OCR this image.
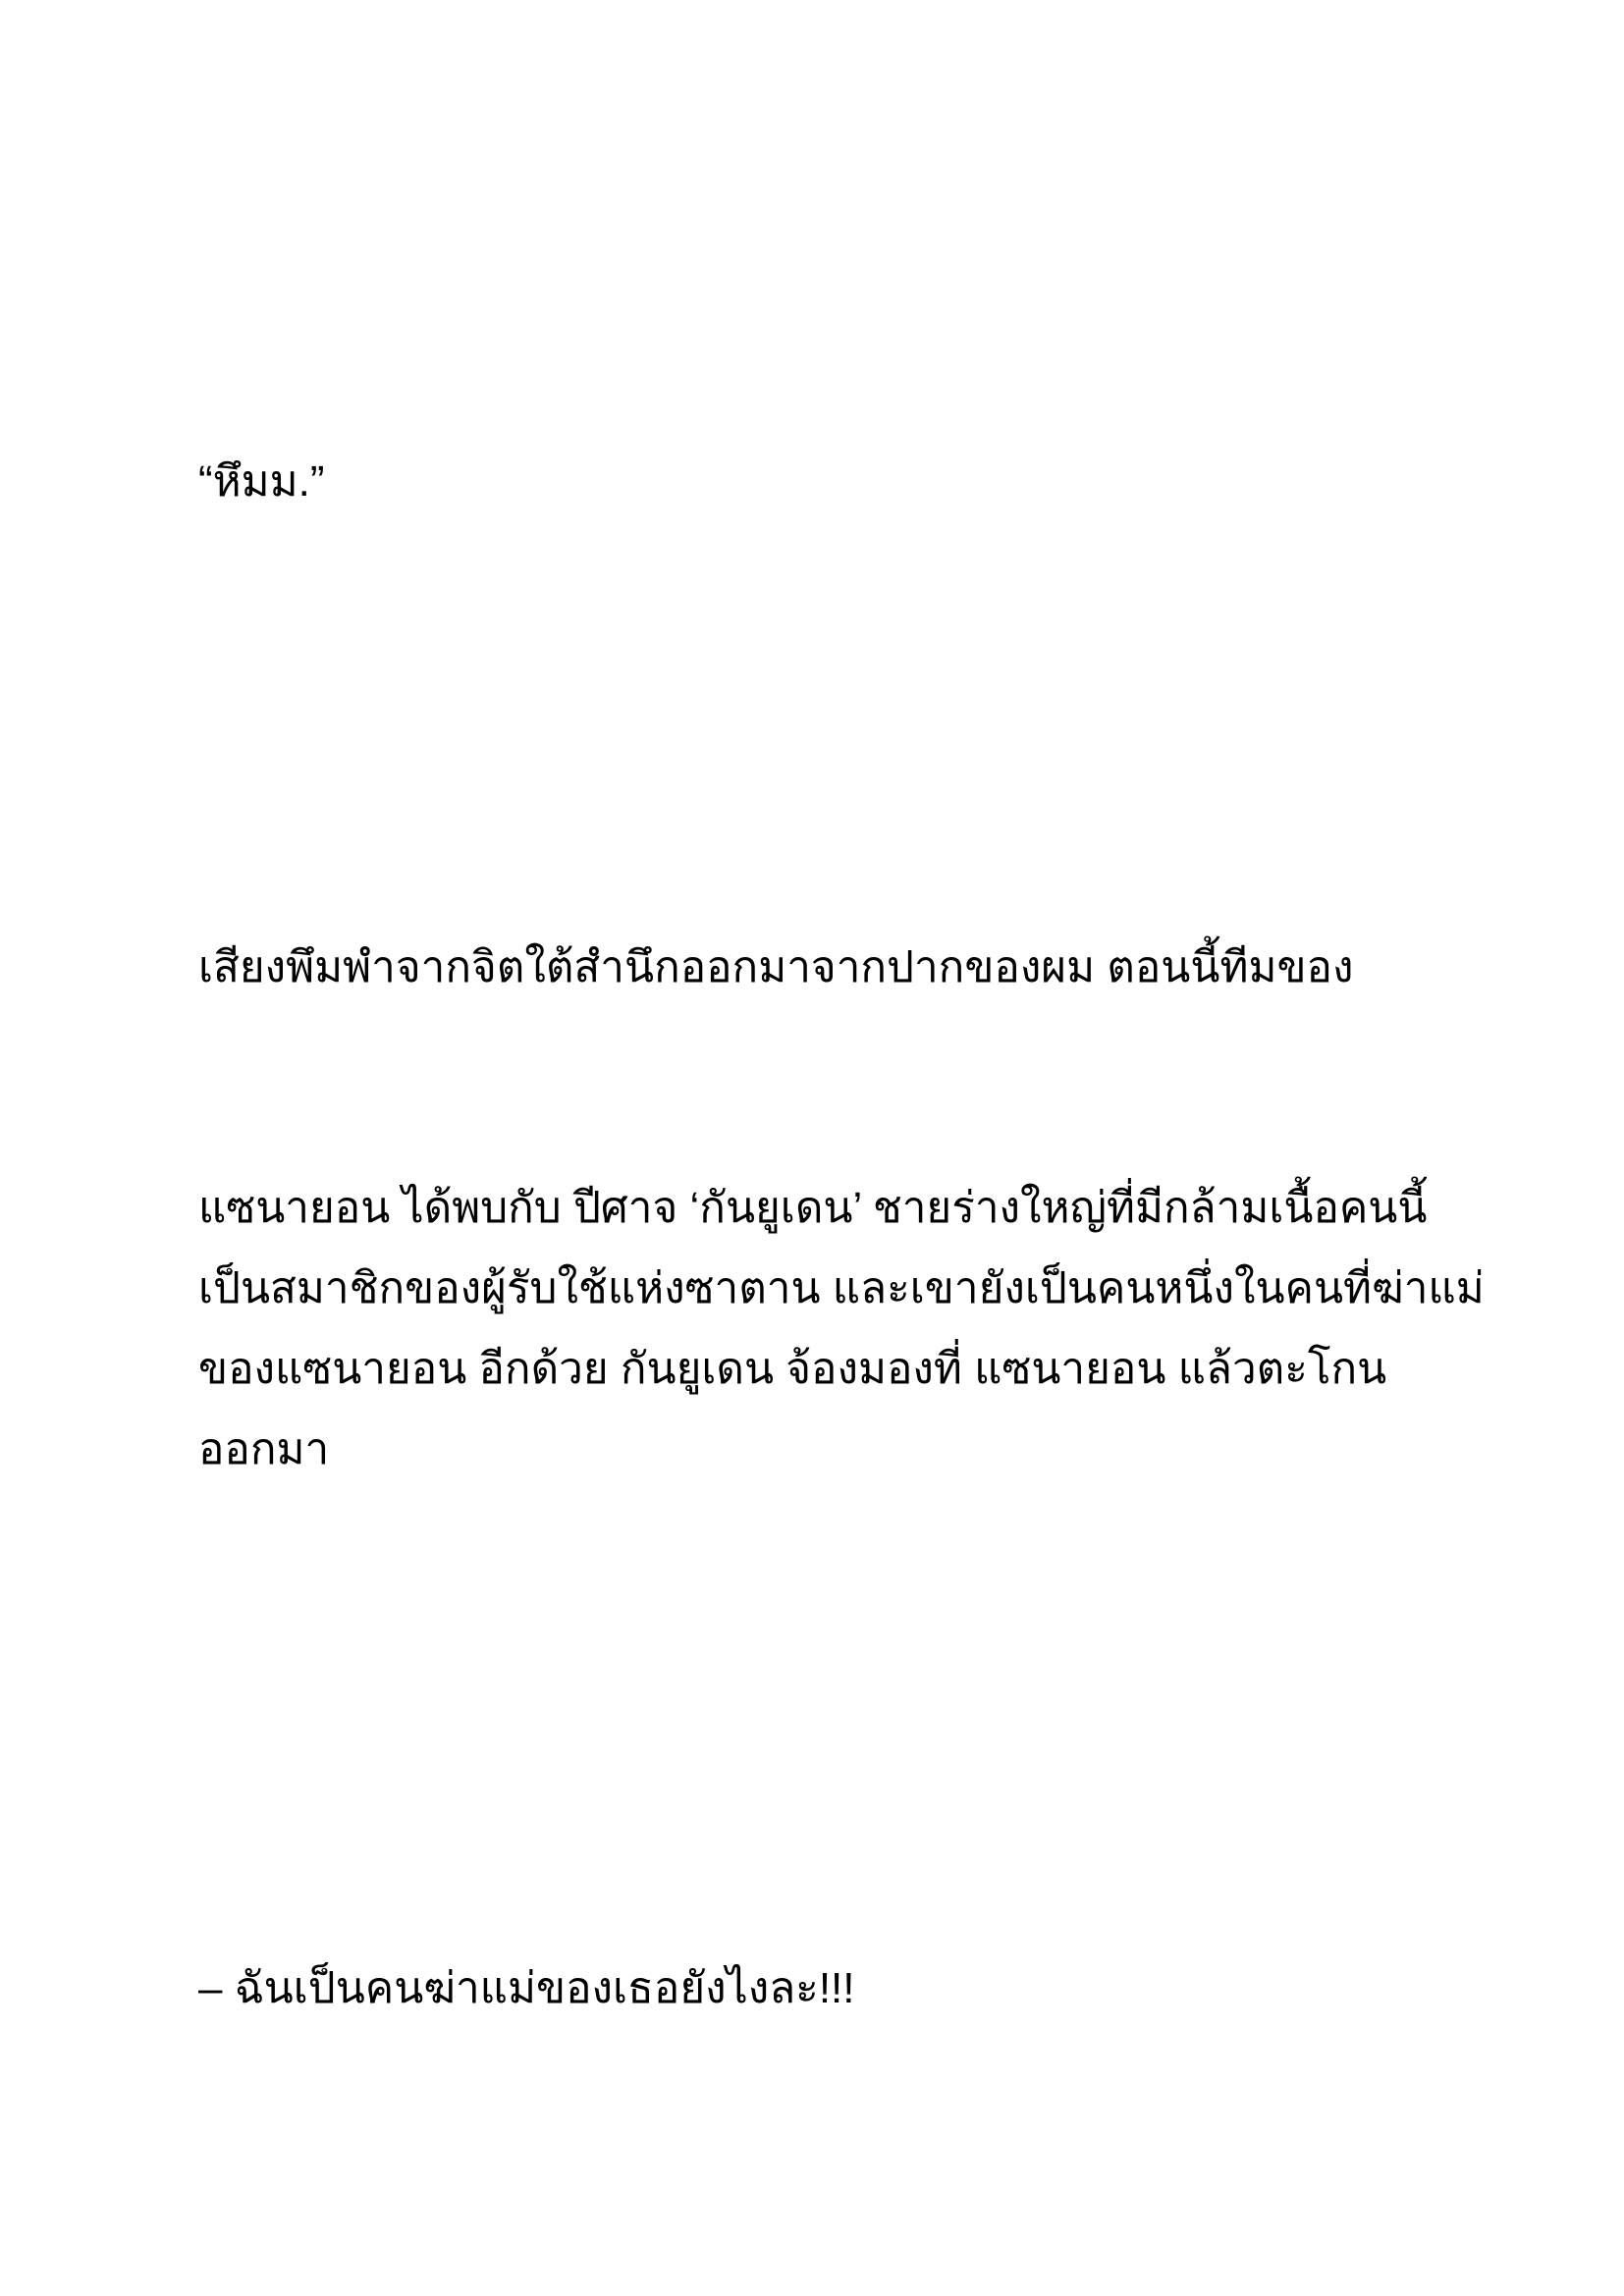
“หึมม.”

เสียงพึมพำจากจิตใต้สำนึกออกมาจากปากของผม ตอนนี้ทีมของ

แซนายอน ได้พบกับ ปีศาจ ‘กันยูเดน’ ชายร่างใหญ่ที่มีกล้ามเนื้อคนนี้
เป็นสมาชิกของผู้รับใช้แห่งซาตาน และเขายังเป็นคนหนึ่งในคนที่ฆ่าแม่
ของแซนายอน อีกด้วย กันยูเดน จ้องมองที่ แซนายอน แล้วตะโกน
ออกมา

– ฉันเป็นคนฆ่าแม่ของเธอยังไงละ!!!
